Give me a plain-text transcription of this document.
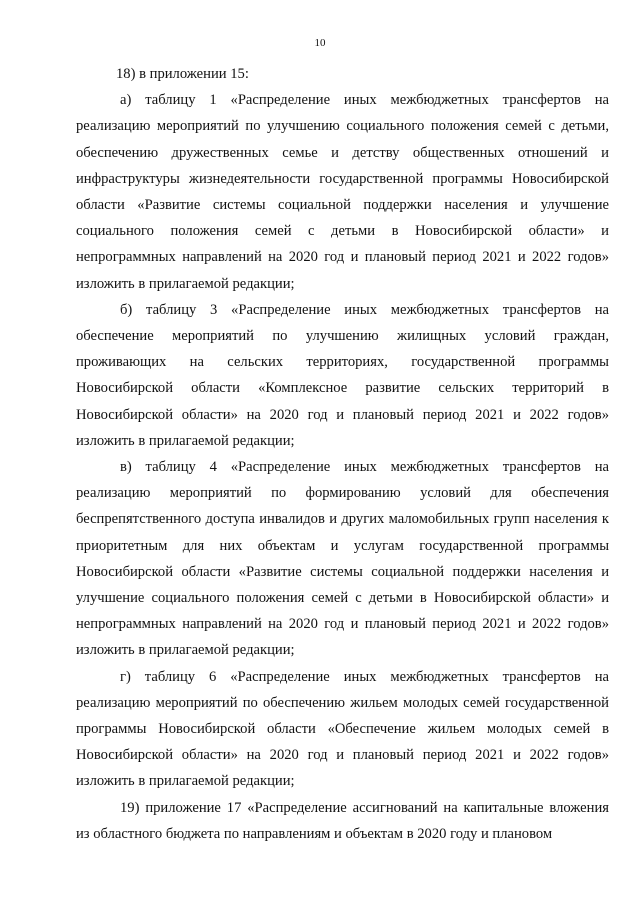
10

18) в приложении 15:

а) таблицу 1 «Распределение иных межбюджетных трансфертов на реализацию мероприятий по улучшению социального положения семей с детьми, обеспечению дружественных семье и детству общественных отношений и инфраструктуры жизнедеятельности государственной программы Новосибирской области «Развитие системы социальной поддержки населения и улучшение социального положения семей с детьми в Новосибирской области» и непрограммных направлений на 2020 год и плановый период 2021 и 2022 годов» изложить в прилагаемой редакции;

б) таблицу 3 «Распределение иных межбюджетных трансфертов на обеспечение мероприятий по улучшению жилищных условий граждан, проживающих на сельских территориях, государственной программы Новосибирской области «Комплексное развитие сельских территорий в Новосибирской области» на 2020 год и плановый период 2021 и 2022 годов» изложить в прилагаемой редакции;

в) таблицу 4 «Распределение иных межбюджетных трансфертов на реализацию мероприятий по формированию условий для обеспечения беспрепятственного доступа инвалидов и других маломобильных групп населения к приоритетным для них объектам и услугам государственной программы Новосибирской области «Развитие системы социальной поддержки населения и улучшение социального положения семей с детьми в Новосибирской области» и непрограммных направлений на 2020 год и плановый период 2021 и 2022 годов» изложить в прилагаемой редакции;

г) таблицу 6 «Распределение иных межбюджетных трансфертов на реализацию мероприятий по обеспечению жильем молодых семей государственной программы Новосибирской области «Обеспечение жильем молодых семей в Новосибирской области» на 2020 год и плановый период 2021 и 2022 годов» изложить в прилагаемой редакции;

19) приложение 17 «Распределение ассигнований на капитальные вложения из областного бюджета по направлениям и объектам в 2020 году и плановом
